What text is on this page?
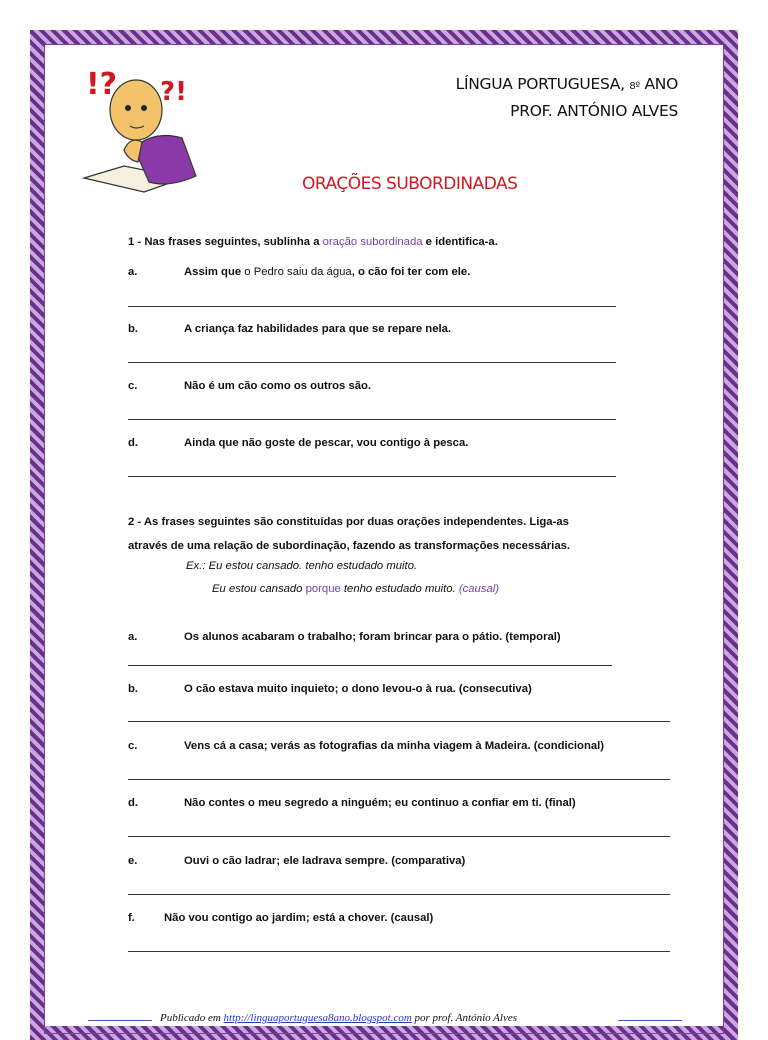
!? ?!	LÍNGUA PORTUGUESA, 8º ANO
PROF. ANTÓNIO ALVES
ORAÇÕES SUBORDINADAS
1 - Nas frases seguintes, sublinha a oração subordinada e identifica-a.
a.	Assim que o Pedro saiu da água, o cão foi ter com ele.
b.	A criança faz habilidades para que se repare nela.
c.	Não é um cão como os outros são.
d.	Ainda que não goste de pescar, vou contigo à pesca.
2 - As frases seguintes são constituídas por duas orações independentes. Liga-as
através de uma relação de subordinação, fazendo as transformações necessárias.
Ex.: Eu estou cansado. tenho estudado muito.
Eu estou cansado porque tenho estudado muito. (causal)
a.	Os alunos acabaram o trabalho; foram brincar para o pátio. (temporal)
b.	O cão estava muito inquieto; o dono levou-o à rua. (consecutiva)
c.	Vens cá a casa; verás as fotografias da minha viagem à Madeira. (condicional)
d.	Não contes o meu segredo a ninguém; eu continuo a confiar em ti. (final)
e.	Ouvi o cão ladrar; ele ladrava sempre. (comparativa)
f.	Não vou contigo ao jardim; está a chover. (causal)
Publicado em http://linguaportuguesa8ano.blogspot.com por prof. António Alves
